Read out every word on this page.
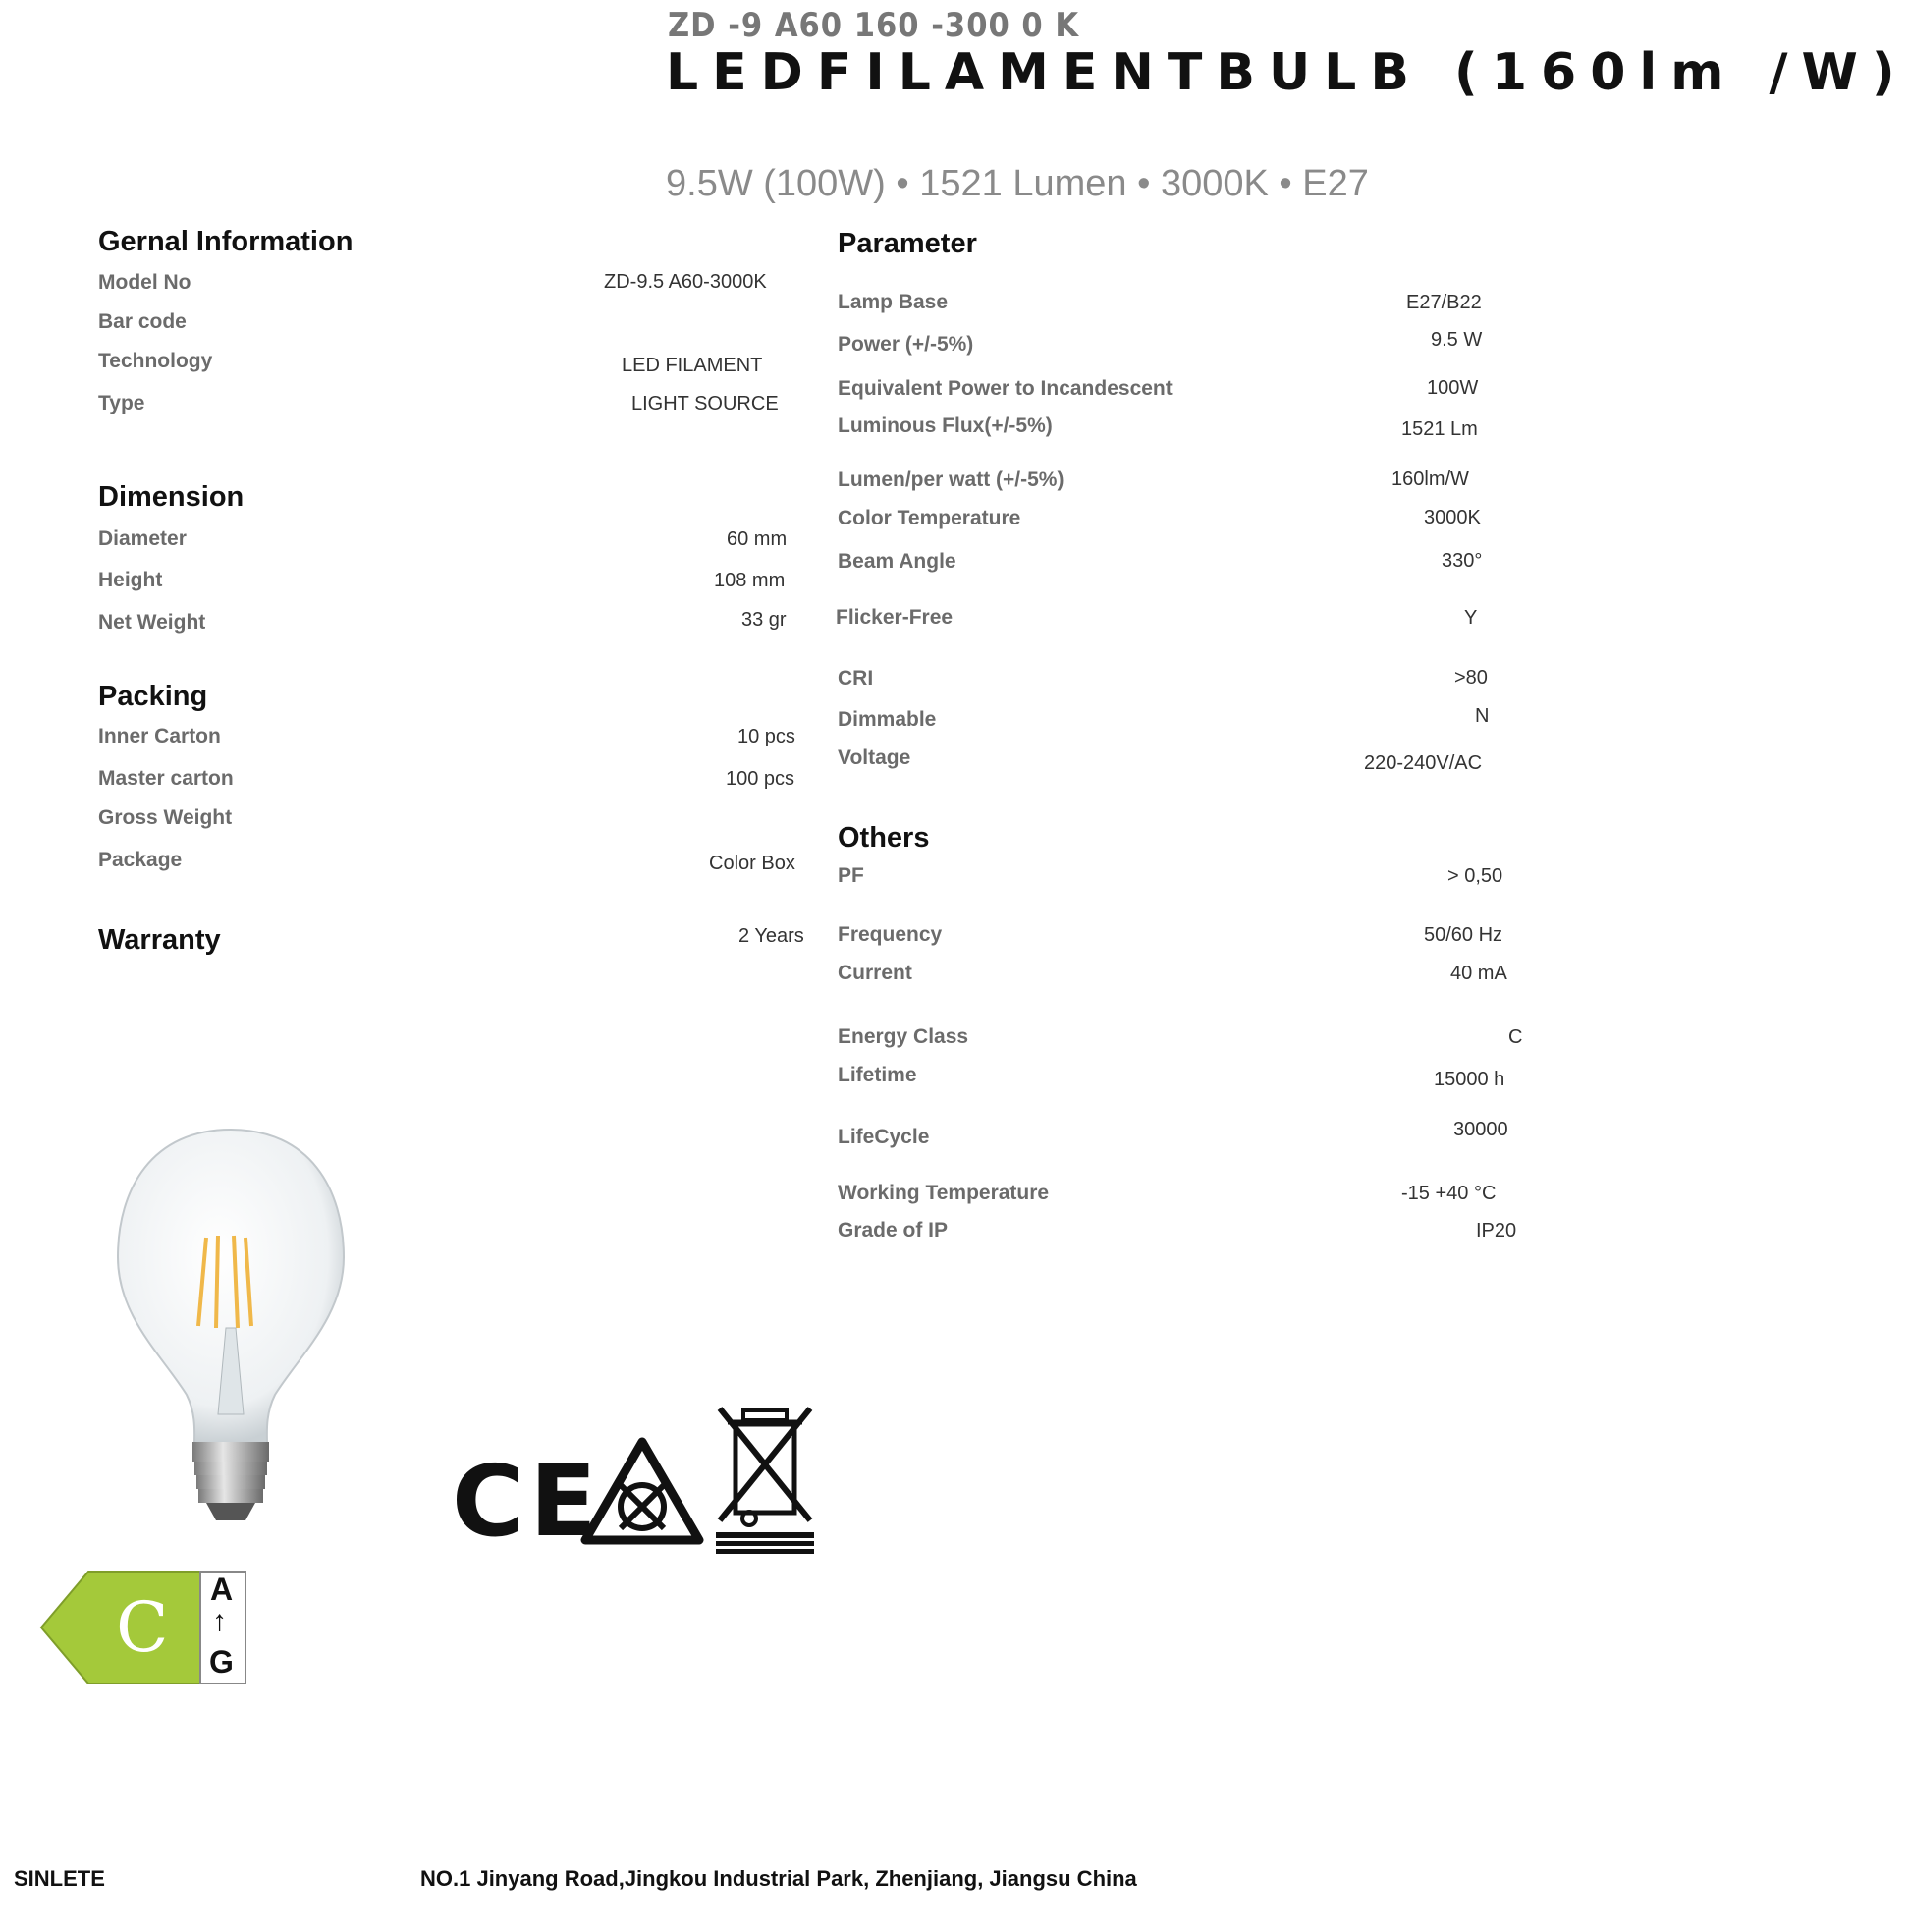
ZD -9 A60 160 -300 0 K
LEDFILAMENTBULB (160lm /W)
9.5W (100W) • 1521 Lumen • 3000K • E27
Gernal Information
Model No	ZD-9.5 A60-3000K
Bar code
Technology	LED FILAMENT
Type	LIGHT SOURCE
Dimension
Diameter	60 mm
Height	108 mm
Net Weight	33 gr
Packing
Inner Carton	10 pcs
Master carton	100 pcs
Gross Weight
Package	Color Box
Warranty	2 Years
Parameter
Lamp Base	E27/B22
Power (+/-5%)	9.5 W
Equivalent Power to Incandescent	100W
Luminous Flux(+/-5%)	1521 Lm
Lumen/per watt (+/-5%)	160lm/W
Color Temperature	3000K
Beam Angle	330°
Flicker-Free	Y
CRI	>80
Dimmable	N
Voltage	220-240V/AC
Others
PF	> 0,50
Frequency	50/60 Hz
Current	40 mA
Energy Class	C
Lifetime	15000 h
LifeCycle	30000
Working Temperature	-15 +40 °C
Grade of IP	IP20
CE
C A
↑
G
SINLETE	NO.1 Jinyang Road,Jingkou Industrial Park, Zhenjiang, Jiangsu China
